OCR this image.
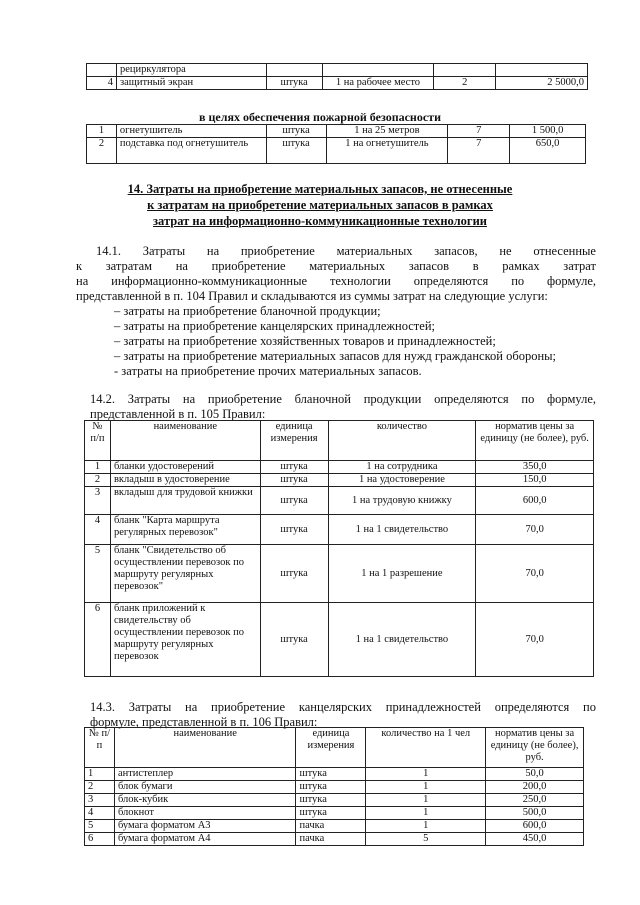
	рециркулятора				
4	защитный экран	штука	1 на рабочее место	2	2 5000,0
в целях обеспечения пожарной безопасности
1	огнетушитель	штука	1 на 25 метров	7	1 500,0
2	подставка под огнетушитель	штука	1 на огнетушитель	7	650,0
14. Затраты на приобретение материальных запасов, не отнесенные
к затратам на приобретение материальных запасов в рамках
затрат на информационно-коммуникационные технологии
14.1. Затраты на приобретение материальных запасов, не отнесенные
к затратам на приобретение материальных запасов в рамках затрат
на информационно-коммуникационные технологии определяются по формуле,
представленной в п. 104 Правил и складываются из суммы затрат на следующие услуги:
– затраты на приобретение бланочной продукции;
– затраты на приобретение канцелярских принадлежностей;
– затраты на приобретение хозяйственных товаров и принадлежностей;
– затраты на приобретение материальных запасов для нужд гражданской обороны;
- затраты на приобретение прочих материальных запасов.
14.2. Затраты на приобретение бланочной продукции определяются по формуле,
представленной в п. 105 Правил:
№ п/п	наименование	единица измерения	количество	норматив цены за единицу (не более), руб.
1	бланки удостоверений	штука	1 на сотрудника	350,0
2	вкладыш в удостоверение	штука	1 на удостоверение	150,0
3	вкладыш для трудовой книжки	штука	1 на трудовую книжку	600,0
4	бланк "Карта маршрута регулярных перевозок"	штука	1 на 1 свидетельство	70,0
5	бланк "Свидетельство об осуществлении перевозок по маршруту регулярных перевозок"	штука	1 на 1 разрешение	70,0
6	бланк приложений к свидетельству об осуществлении перевозок по маршруту регулярных перевозок	штука	1 на 1 свидетельство	70,0
14.3. Затраты на приобретение канцелярских принадлежностей определяются по
формуле, представленной в п. 106 Правил:
№ п/п	наименование	единица измерения	количество на 1 чел	норматив цены за единицу (не более), руб.
1	антистеплер	штука	1	50,0
2	блок бумаги	штука	1	200,0
3	блок-кубик	штука	1	250,0
4	блокнот	штука	1	500,0
5	бумага форматом А3	пачка	1	600,0
6	бумага форматом А4	пачка	5	450,0
